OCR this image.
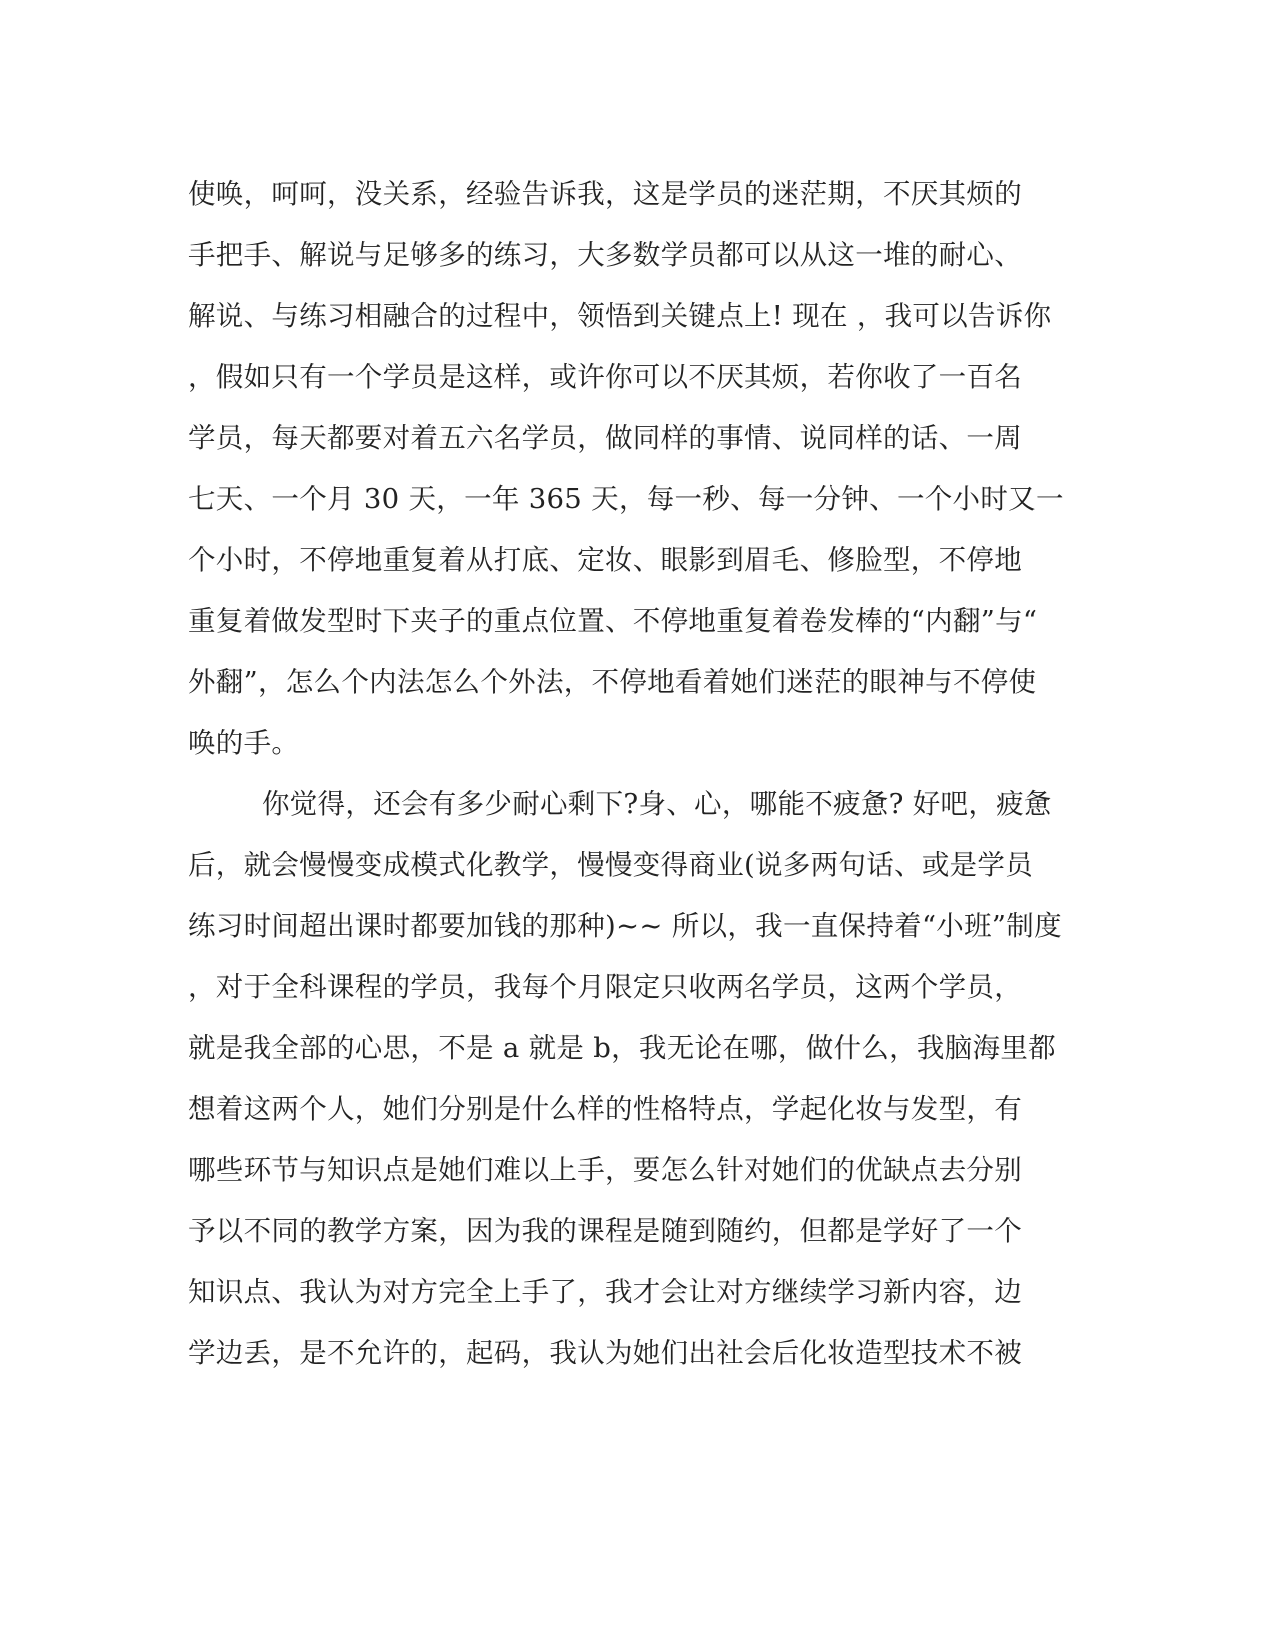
使唤，呵呵，没关系，经验告诉我，这是学员的迷茫期，不厌其烦的
手把手、解说与足够多的练习，大多数学员都可以从这一堆的耐心、
解说、与练习相融合的过程中，领悟到关键点上! 现在 ，我可以告诉你
，假如只有一个学员是这样，或许你可以不厌其烦，若你收了一百名
学员，每天都要对着五六名学员，做同样的事情、说同样的话、一周
七天、一个月 30 天，一年 365 天，每一秒、每一分钟、一个小时又一
个小时，不停地重复着从打底、定妆、眼影到眉毛、修脸型，不停地
重复着做发型时下夹子的重点位置、不停地重复着卷发棒的“内翻”与“
外翻”，怎么个内法怎么个外法，不停地看着她们迷茫的眼神与不停使
唤的手。
你觉得，还会有多少耐心剩下?身、心，哪能不疲惫? 好吧，疲惫
后，就会慢慢变成模式化教学，慢慢变得商业(说多两句话、或是学员
练习时间超出课时都要加钱的那种)~~ 所以，我一直保持着“小班”制度
，对于全科课程的学员，我每个月限定只收两名学员，这两个学员，
就是我全部的心思，不是 a 就是 b，我无论在哪，做什么，我脑海里都
想着这两个人，她们分别是什么样的性格特点，学起化妆与发型，有
哪些环节与知识点是她们难以上手，要怎么针对她们的优缺点去分别
予以不同的教学方案，因为我的课程是随到随约，但都是学好了一个
知识点、我认为对方完全上手了，我才会让对方继续学习新内容，边
学边丢，是不允许的，起码，我认为她们出社会后化妆造型技术不被
